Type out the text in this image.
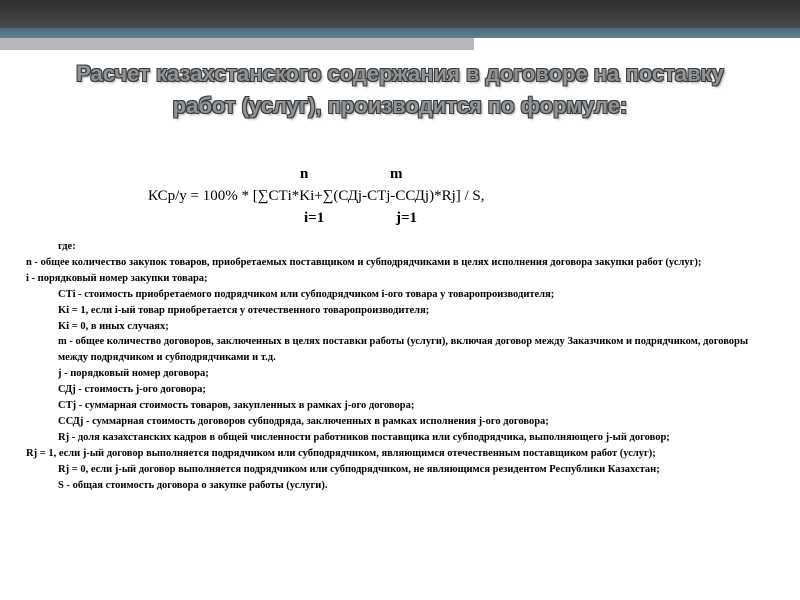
Расчет казахстанского содержания в договоре на поставку работ (услуг), производится по формуле:
n	m
КСр/у = 100% * [∑СТi*Ki+∑(СДj-СТj-ССДj)*Rj] / S,
i=1	j=1

где:

n - общее количество закупок товаров, приобретаемых поставщиком и субподрядчиками в целях исполнения договора закупки работ (услуг);

i - порядковый номер закупки товара;

СТi - стоимость приобретаемого подрядчиком или субподрядчиком i-ого товара у товаропроизводителя;

Ki = 1, если i-ый товар приобретается у отечественного товаропроизводителя;

Ki = 0, в иных случаях;

m - общее количество договоров, заключенных в целях поставки работы (услуги), включая договор между Заказчиком и подрядчиком, договоры между подрядчиком и субподрядчиками и т.д.

j - порядковый номер договора;

СДj - стоимость j-ого договора;

СТj - суммарная стоимость товаров, закупленных в рамках j-ого договора;

ССДj - суммарная стоимость договоров субподряда, заключенных в рамках исполнения j-ого договора;

Rj - доля казахстанских кадров в общей численности работников поставщика или субподрядчика, выполняющего j-ый договор;

Rj = 1, если j-ый договор выполняется подрядчиком или субподрядчиком, являющимся отечественным поставщиком работ (услуг);

Rj = 0, если j-ый договор выполняется подрядчиком или субподрядчиком, не являющимся резидентом Республики Казахстан;

S - общая стоимость договора о закупке работы (услуги).
